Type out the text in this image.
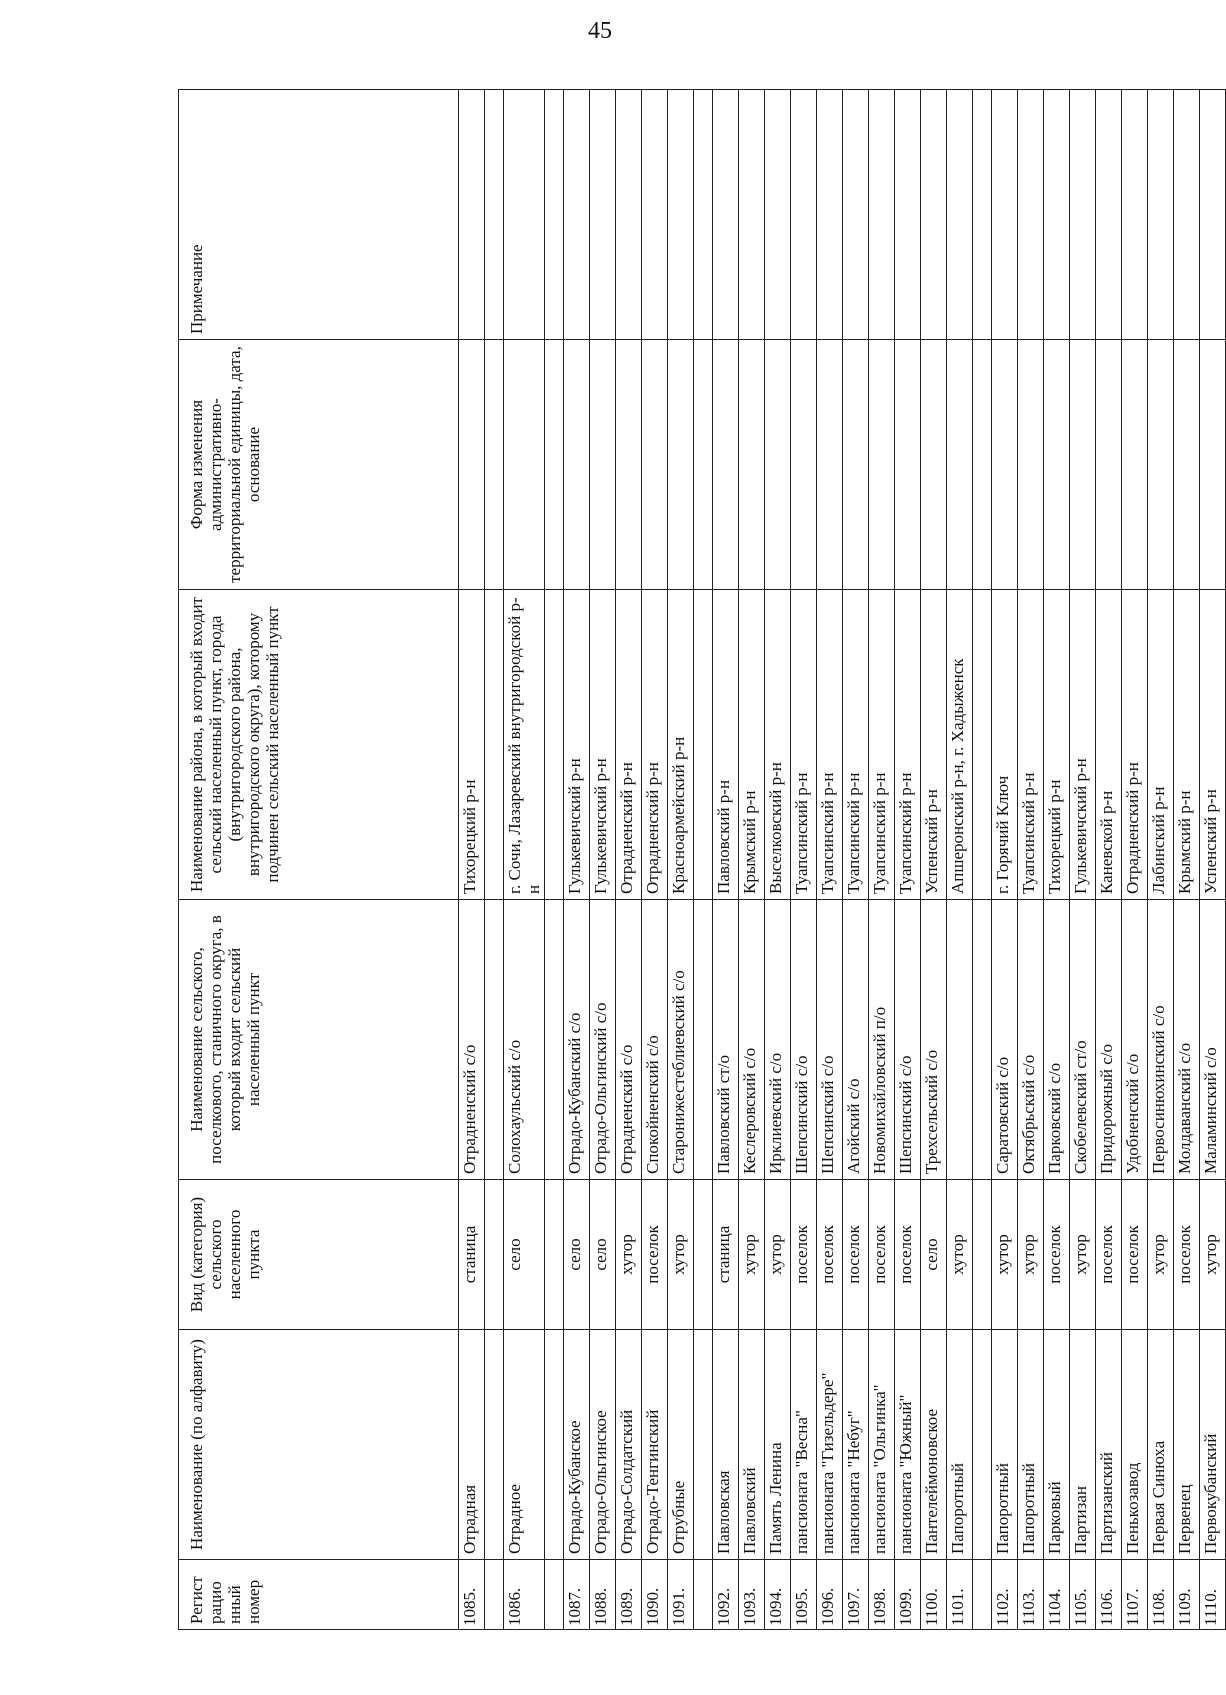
45
Регист рацио нный номер	Наименование (по алфавиту)	Вид (категория) сельского населенного пункта	Наименование сельского, поселкового, станичного округа, в который входит сельский населенный пункт	Наименование района, в который входит сельский населенный пункт, города (внутригородского района, внутригородского округа), которому подчинен сельский населенный пункт	Форма изменения административно-территориальной единицы, дата, основание	Примечание
1085.	Отрадная	станица	Отрадненский с/о	Тихорецкий р-н		

1086.	Отрадное	село	Солохаульский с/о	г. Сочи, Лазаревский внутригородской р-н		

1087.	Отрадо-Кубанское	село	Отрадо-Кубанский с/о	Гулькевичский р-н		
1088.	Отрадо-Ольгинское	село	Отрадо-Ольгинский с/о	Гулькевичский р-н		
1089.	Отрадо-Солдатский	хутор	Отрадненский с/о	Отрадненский р-н		
1090.	Отрадо-Тенгинский	поселок	Спокойненский с/о	Отрадненский р-н		
1091.	Отрубные	хутор	Старонижестеблиевский с/о	Красноармейский р-н		

1092.	Павловская	станица	Павловский ст/о	Павловский р-н		
1093.	Павловский	хутор	Кеслеровский с/о	Крымский р-н		
1094.	Память Ленина	хутор	Ирклиевский с/о	Выселковский р-н		
1095.	пансионата "Весна"	поселок	Шепсинский с/о	Туапсинский р-н		
1096.	пансионата "Гизельдере"	поселок	Шепсинский с/о	Туапсинский р-н		
1097.	пансионата "Небуг"	поселок	Агойский с/о	Туапсинский р-н		
1098.	пансионата "Ольгинка"	поселок	Новомихайловский п/о	Туапсинский р-н		
1099.	пансионата "Южный"	поселок	Шепсинский с/о	Туапсинский р-н		
1100.	Пантелеймоновское	село	Трехсельский с/о	Успенский р-н		
1101.	Папоротный	хутор		Апшеронский р-н, г. Хадыженск		

1102.	Папоротный	хутор	Саратовский с/о	г. Горячий Ключ		
1103.	Папоротный	хутор	Октябрьский с/о	Туапсинский р-н		
1104.	Парковый	поселок	Парковский с/о	Тихорецкий р-н		
1105.	Партизан	хутор	Скобелевский ст/о	Гулькевичский р-н		
1106.	Партизанский	поселок	Придорожный с/о	Каневской р-н		
1107.	Пенькозавод	поселок	Удобненский с/о	Отрадненский р-н		
1108.	Первая Синюха	хутор	Первосинюхинский с/о	Лабинский р-н		
1109.	Первенец	поселок	Молдаванский с/о	Крымский р-н		
1110.	Первокубанский	хутор	Маламинский с/о	Успенский р-н		
